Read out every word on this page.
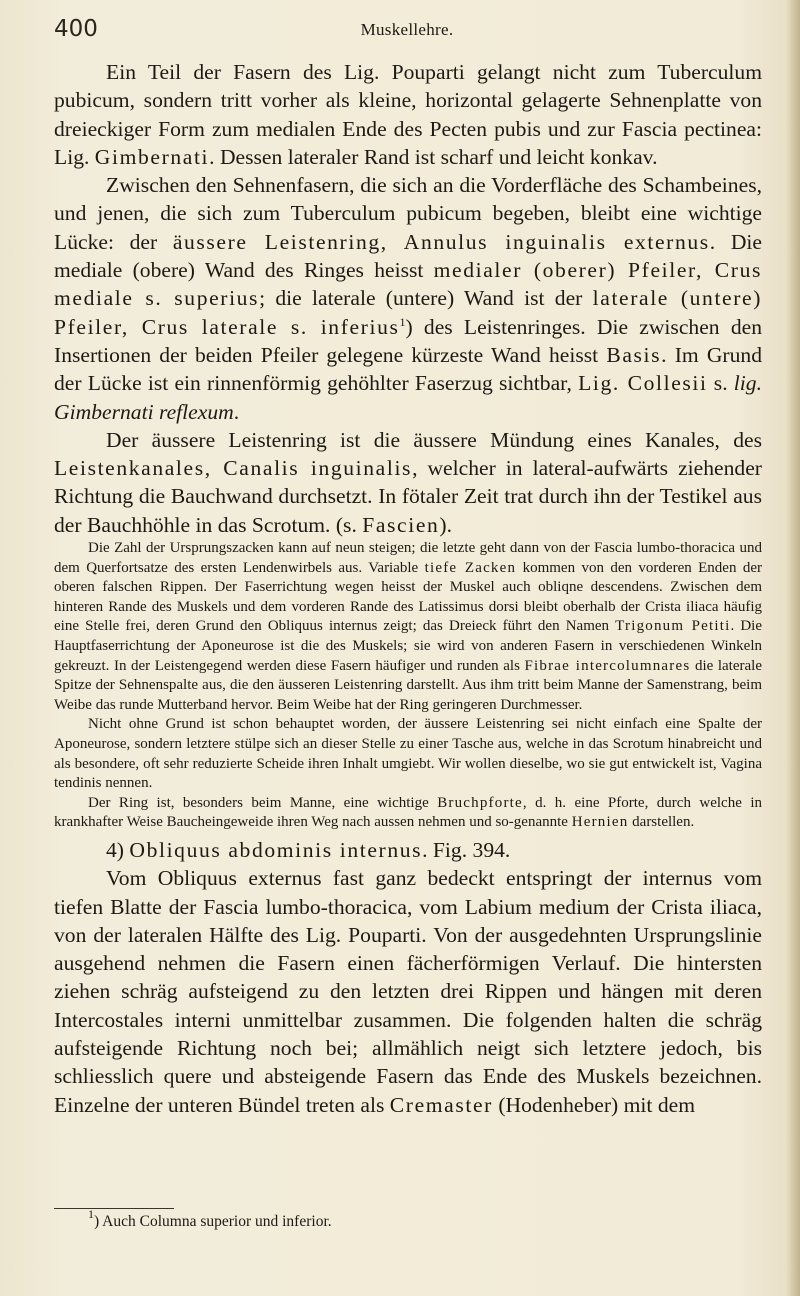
400	Muskellehre.

Ein Teil der Fasern des Lig. Pouparti gelangt nicht zum Tuberculum pubicum, sondern tritt vorher als kleine, horizontal gelagerte Sehnenplatte von dreieckiger Form zum medialen Ende des Pecten pubis und zur Fascia pectinea: Lig. Gimbernati. Dessen lateraler Rand ist scharf und leicht konkav.

Zwischen den Sehnenfasern, die sich an die Vorderfläche des Schambeines, und jenen, die sich zum Tuberculum pubicum begeben, bleibt eine wichtige Lücke: der äussere Leistenring, Annulus inguinalis externus. Die mediale (obere) Wand des Ringes heisst medialer (oberer) Pfeiler, Crus mediale s. superius; die laterale (untere) Wand ist der laterale (untere) Pfeiler, Crus laterale s. inferius$^1$) des Leistenringes. Die zwischen den Insertionen der beiden Pfeiler gelegene kürzeste Wand heisst Basis. Im Grund der Lücke ist ein rinnenförmig gehöhlter Faserzug sichtbar, Lig. Collesii s. lig. Gimbernati reflexum.

Der äussere Leistenring ist die äussere Mündung eines Kanales, des Leistenkanales, Canalis inguinalis, welcher in lateral-aufwärts ziehender Richtung die Bauchwand durchsetzt. In fötaler Zeit trat durch ihn der Testikel aus der Bauchhöhle in das Scrotum. (s. Fascien).

Die Zahl der Ursprungszacken kann auf neun steigen; die letzte geht dann von der Fascia lumbo-thoracica und dem Querfortsatze des ersten Lendenwirbels aus. Variable tiefe Zacken kommen von den vorderen Enden der oberen falschen Rippen. Der Faserrichtung wegen heisst der Muskel auch obliqne descendens. Zwischen dem hinteren Rande des Muskels und dem vorderen Rande des Latissimus dorsi bleibt oberhalb der Crista iliaca häufig eine Stelle frei, deren Grund den Obliquus internus zeigt; das Dreieck führt den Namen Trigonum Petiti. Die Hauptfaserrichtung der Aponeurose ist die des Muskels; sie wird von anderen Fasern in verschiedenen Winkeln gekreuzt. In der Leistengegend werden diese Fasern häufiger und runden als Fibrae intercolumnares die laterale Spitze der Sehnenspalte aus, die den äusseren Leistenring darstellt. Aus ihm tritt beim Manne der Samenstrang, beim Weibe das runde Mutterband hervor. Beim Weibe hat der Ring geringeren Durchmesser.

Nicht ohne Grund ist schon behauptet worden, der äussere Leistenring sei nicht einfach eine Spalte der Aponeurose, sondern letztere stülpe sich an dieser Stelle zu einer Tasche aus, welche in das Scrotum hinabreicht und als besondere, oft sehr reduzierte Scheide ihren Inhalt umgiebt. Wir wollen dieselbe, wo sie gut entwickelt ist, Vagina tendinis nennen.

Der Ring ist, besonders beim Manne, eine wichtige Bruchpforte, d. h. eine Pforte, durch welche in krankhafter Weise Baucheingeweide ihren Weg nach aussen nehmen und so-genannte Hernien darstellen.

4) Obliquus abdominis internus. Fig. 394.

Vom Obliquus externus fast ganz bedeckt entspringt der internus vom tiefen Blatte der Fascia lumbo-thoracica, vom Labium medium der Crista iliaca, von der lateralen Hälfte des Lig. Pouparti. Von der ausgedehnten Ursprungslinie ausgehend nehmen die Fasern einen fächerförmigen Verlauf. Die hintersten ziehen schräg aufsteigend zu den letzten drei Rippen und hängen mit deren Intercostales interni unmittelbar zusammen. Die folgenden halten die schräg aufsteigende Richtung noch bei; allmählich neigt sich letztere jedoch, bis schliesslich quere und absteigende Fasern das Ende des Muskels bezeichnen. Einzelne der unteren Bündel treten als Cremaster (Hodenheber) mit dem

$^1$) Auch Columna superior und inferior.
